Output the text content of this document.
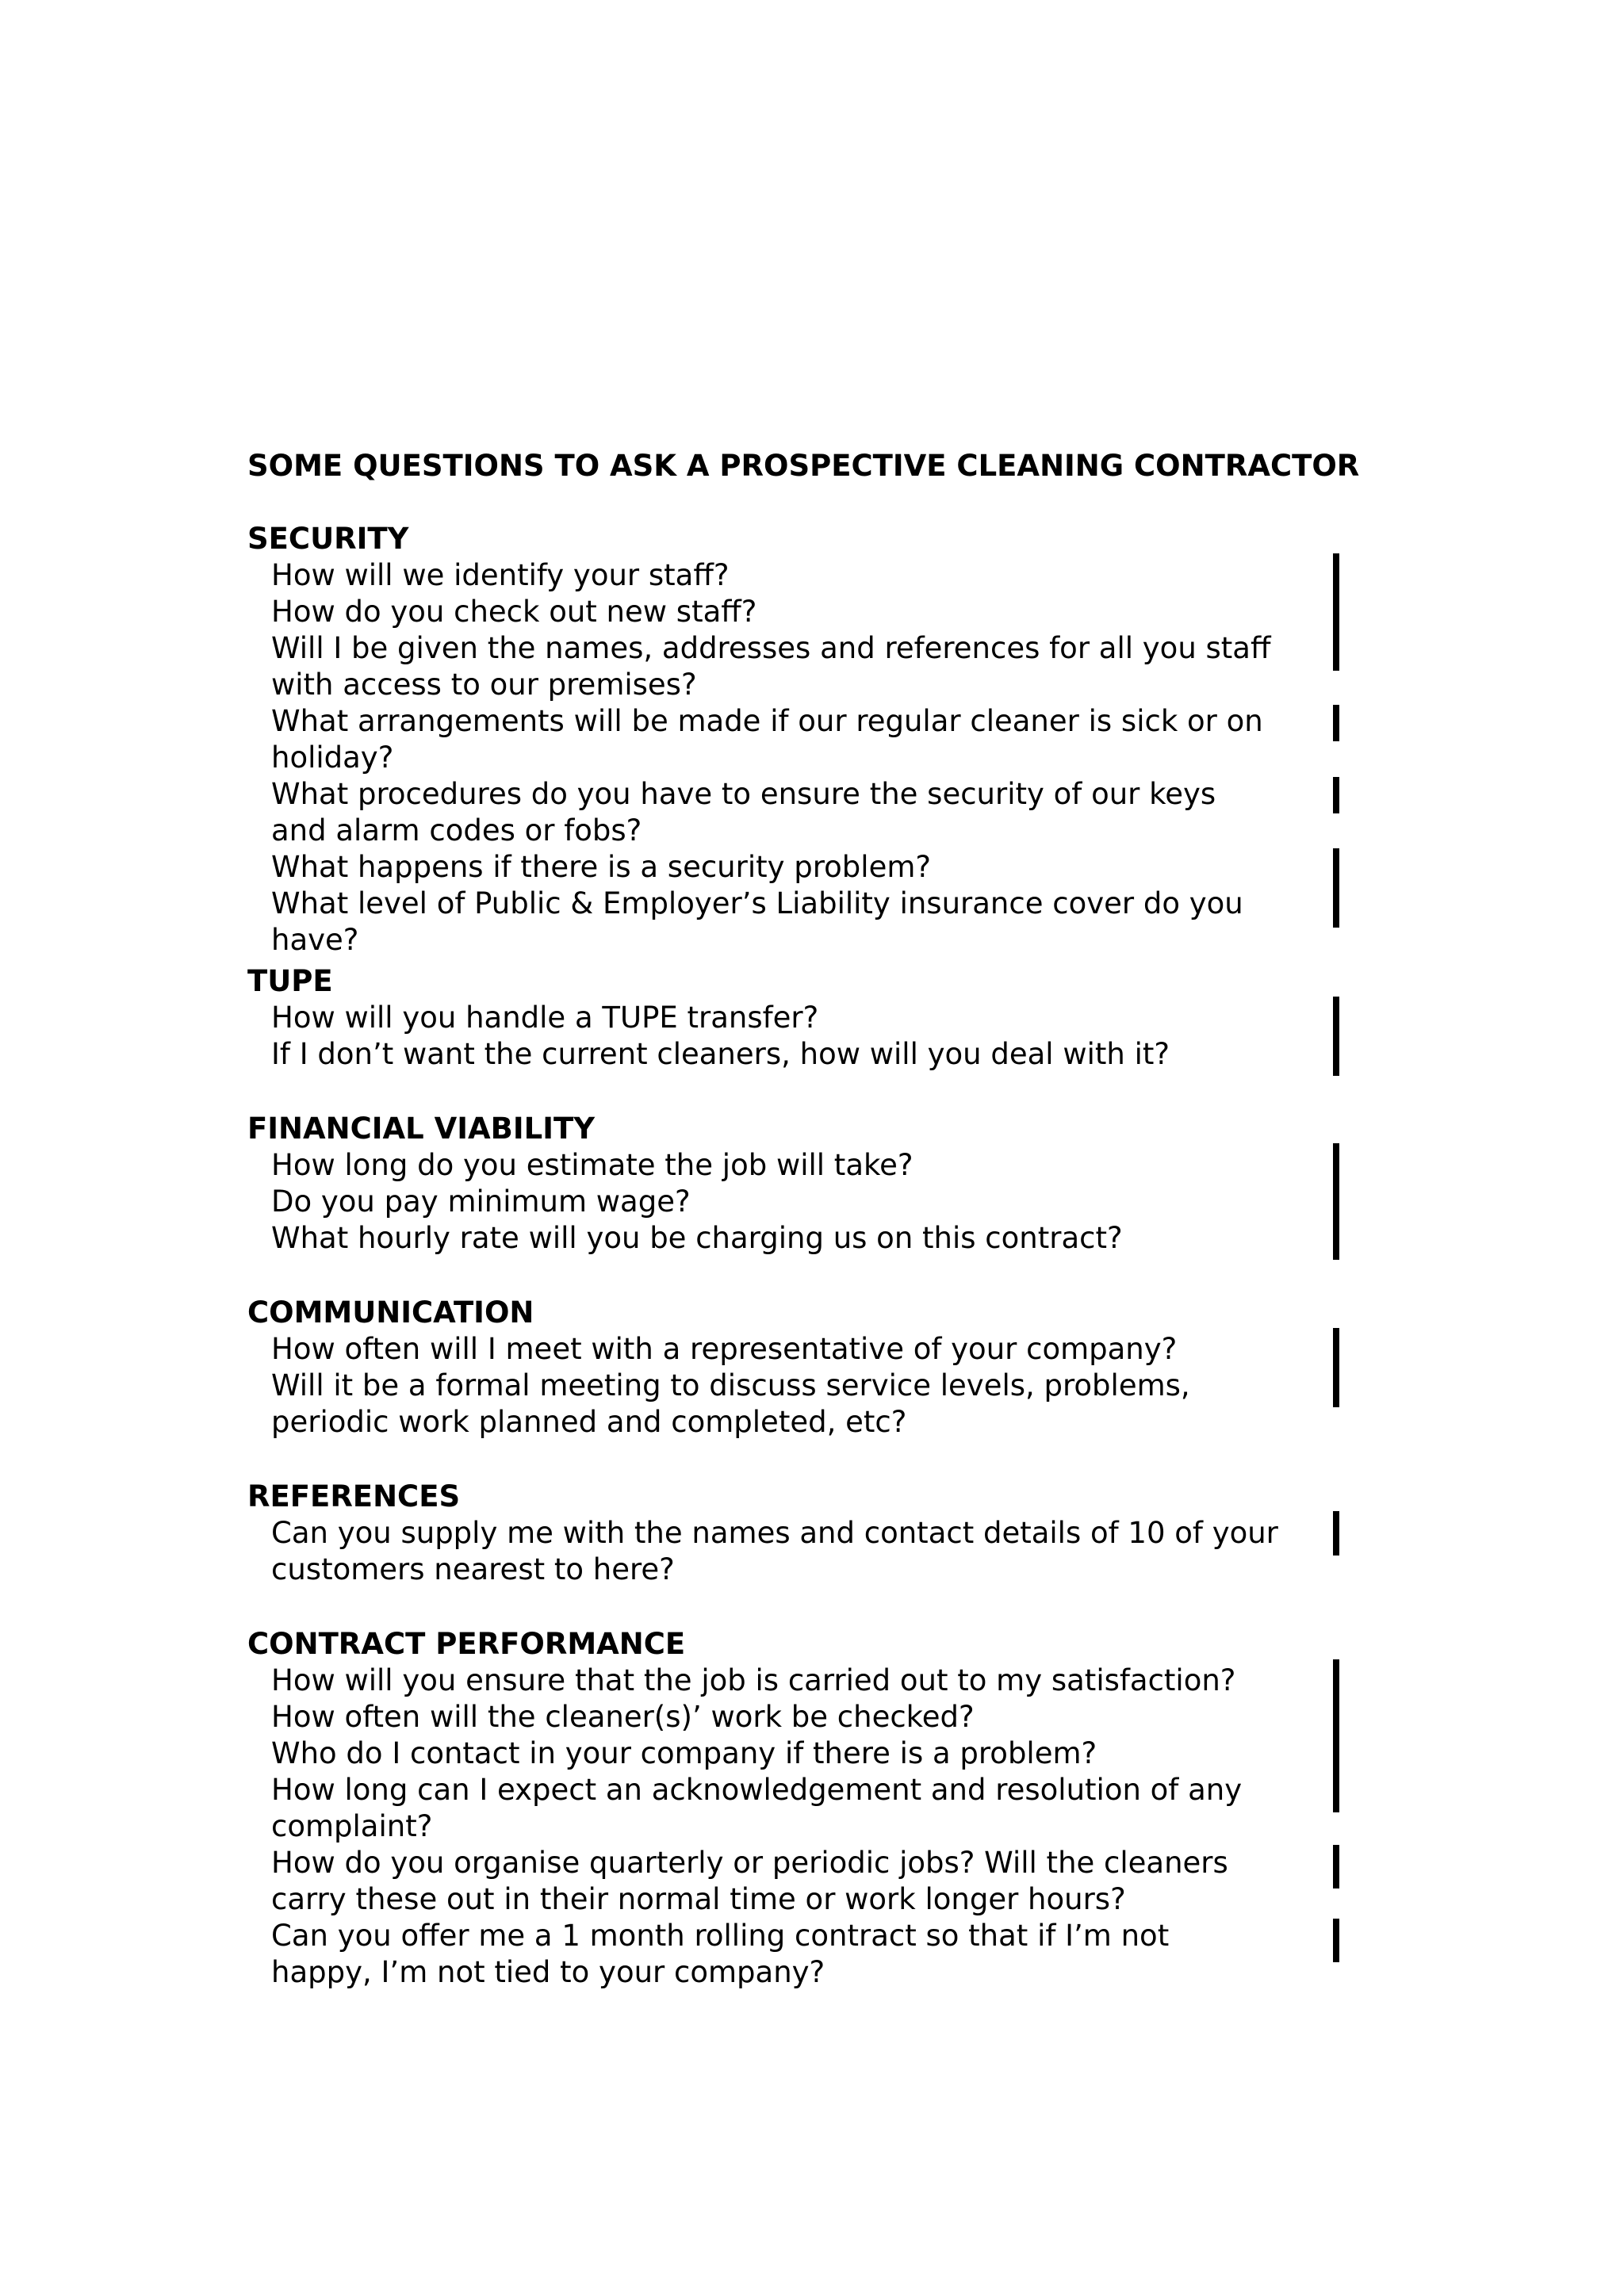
SOME QUESTIONS TO ASK A PROSPECTIVE CLEANING CONTRACTOR
SECURITY
How will we identify your staff?
How do you check out new staff?
Will I be given the names, addresses and references for all you staff with access to our premises?
What arrangements will be made if our regular cleaner is sick or on holiday?
What procedures do you have to ensure the security of our keys and alarm codes or fobs?
What happens if there is a security problem?
What level of Public & Employer’s Liability insurance cover do you have?
TUPE
How will you handle a TUPE transfer?
If I don’t want the current cleaners, how will you deal with it?
FINANCIAL VIABILITY
How long do you estimate the job will take?
Do you pay minimum wage?
What hourly rate will you be charging us on this contract?
COMMUNICATION
How often will I meet with a representative of your company?
Will it be a formal meeting to discuss service levels, problems, periodic work planned and completed, etc?
REFERENCES
Can you supply me with the names and contact details of 10 of your customers nearest to here?
CONTRACT PERFORMANCE
How will you ensure that the job is carried out to my satisfaction?
How often will the cleaner(s)’ work be checked?
Who do I contact in your company if there is a problem?
How long can I expect an acknowledgement and resolution of any complaint?
How do you organise quarterly or periodic jobs? Will the cleaners carry these out in their normal time or work longer hours?
Can you offer me a 1 month rolling contract so that if I’m not happy, I’m not tied to your company?
